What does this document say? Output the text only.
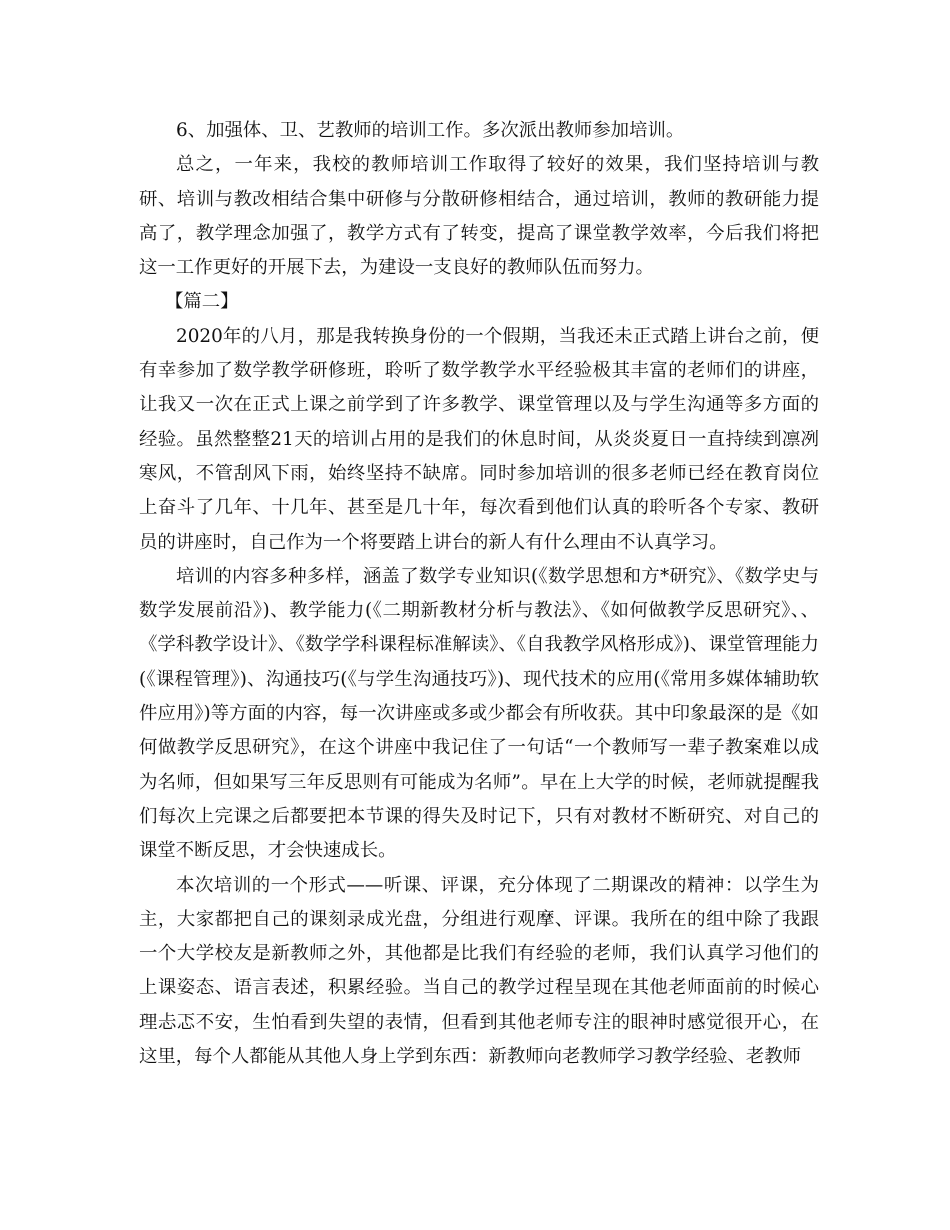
6、加强体、卫、艺教师的培训工作。多次派出教师参加培训。

总之，一年来，我校的教师培训工作取得了较好的效果，我们坚持培训与教研、培训与教改相结合集中研修与分散研修相结合，通过培训，教师的教研能力提高了，教学理念加强了，教学方式有了转变，提高了课堂教学效率，今后我们将把这一工作更好的开展下去，为建设一支良好的教师队伍而努力。

【篇二】

2020年的八月，那是我转换身份的一个假期，当我还未正式踏上讲台之前，便有幸参加了数学教学研修班，聆听了数学教学水平经验极其丰富的老师们的讲座，让我又一次在正式上课之前学到了许多教学、课堂管理以及与学生沟通等多方面的经验。虽然整整21天的培训占用的是我们的休息时间，从炎炎夏日一直持续到凛冽寒风，不管刮风下雨，始终坚持不缺席。同时参加培训的很多老师已经在教育岗位上奋斗了几年、十几年、甚至是几十年，每次看到他们认真的聆听各个专家、教研员的讲座时，自己作为一个将要踏上讲台的新人有什么理由不认真学习。

培训的内容多种多样，涵盖了数学专业知识(《数学思想和方*研究》、《数学史与数学发展前沿》)、教学能力(《二期新教材分析与教法》、《如何做教学反思研究》、、《学科教学设计》、《数学学科课程标准解读》、《自我教学风格形成》)、课堂管理能力(《课程管理》)、沟通技巧(《与学生沟通技巧》)、现代技术的应用(《常用多媒体辅助软件应用》)等方面的内容，每一次讲座或多或少都会有所收获。其中印象最深的是《如何做教学反思研究》，在这个讲座中我记住了一句话“一个教师写一辈子教案难以成为名师，但如果写三年反思则有可能成为名师”。早在上大学的时候，老师就提醒我们每次上完课之后都要把本节课的得失及时记下，只有对教材不断研究、对自己的课堂不断反思，才会快速成长。

本次培训的一个形式——听课、评课，充分体现了二期课改的精神：以学生为主，大家都把自己的课刻录成光盘，分组进行观摩、评课。我所在的组中除了我跟一个大学校友是新教师之外，其他都是比我们有经验的老师，我们认真学习他们的上课姿态、语言表述，积累经验。当自己的教学过程呈现在其他老师面前的时候心理忐忑不安，生怕看到失望的表情，但看到其他老师专注的眼神时感觉很开心，在这里，每个人都能从其他人身上学到东西：新教师向老教师学习教学经验、老教师
